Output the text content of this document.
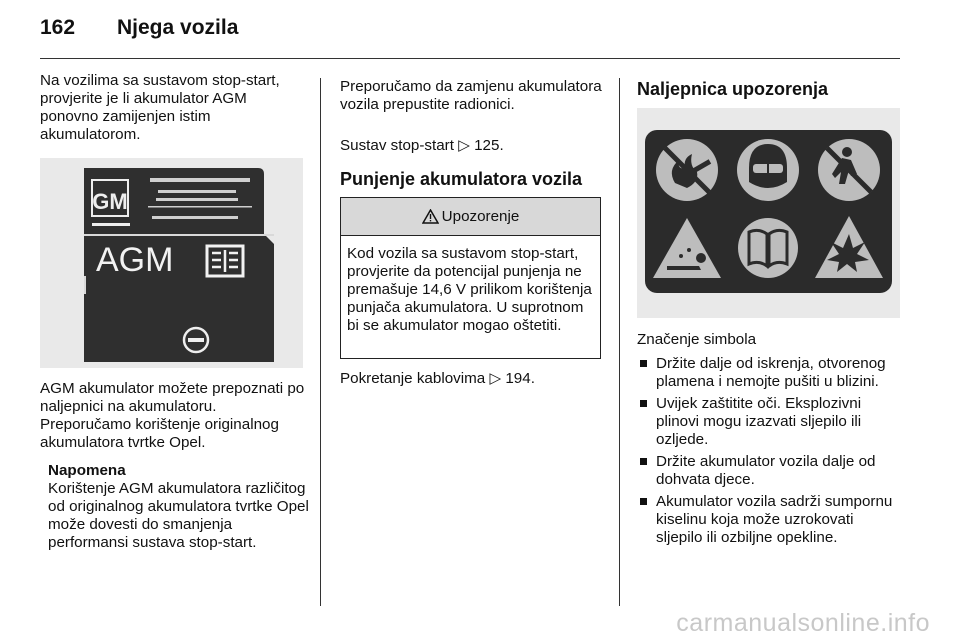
162 Njega vozila

Na vozilima sa sustavom stop-start, provjerite je li akumulator AGM ponovno zamijenjen istim akumulatorom.

GM
AGM

AGM akumulator možete prepoznati po naljepnici na akumulatoru. Preporučamo korištenje originalnog akumulatora tvrtke Opel.

Napomena
Korištenje AGM akumulatora različitog od originalnog akumulatora tvrtke Opel može dovesti do smanjenja performansi sustava stop-start.

Preporučamo da zamjenu akumulatora vozila prepustite radionici.

Sustav stop-start ▷ 125.

Punjenje akumulatora vozila
Upozorenje
Kod vozila sa sustavom stop-start, provjerite da potencijal punjenja ne premašuje 14,6 V prilikom korištenja punjača akumulatora. U suprotnom bi se akumulator mogao oštetiti.

Pokretanje kablovima ▷ 194.

Naljepnica upozorenja

Značenje simbola

Držite dalje od iskrenja, otvorenog plamena i nemojte pušiti u blizini.
Uvijek zaštitite oči. Eksplozivni plinovi mogu izazvati sljepilo ili ozljede.
Držite akumulator vozila dalje od dohvata djece.
Akumulator vozila sadrži sumpornu kiselinu koja može uzrokovati sljepilo ili ozbiljne opekline.
carmanualsonline.info
